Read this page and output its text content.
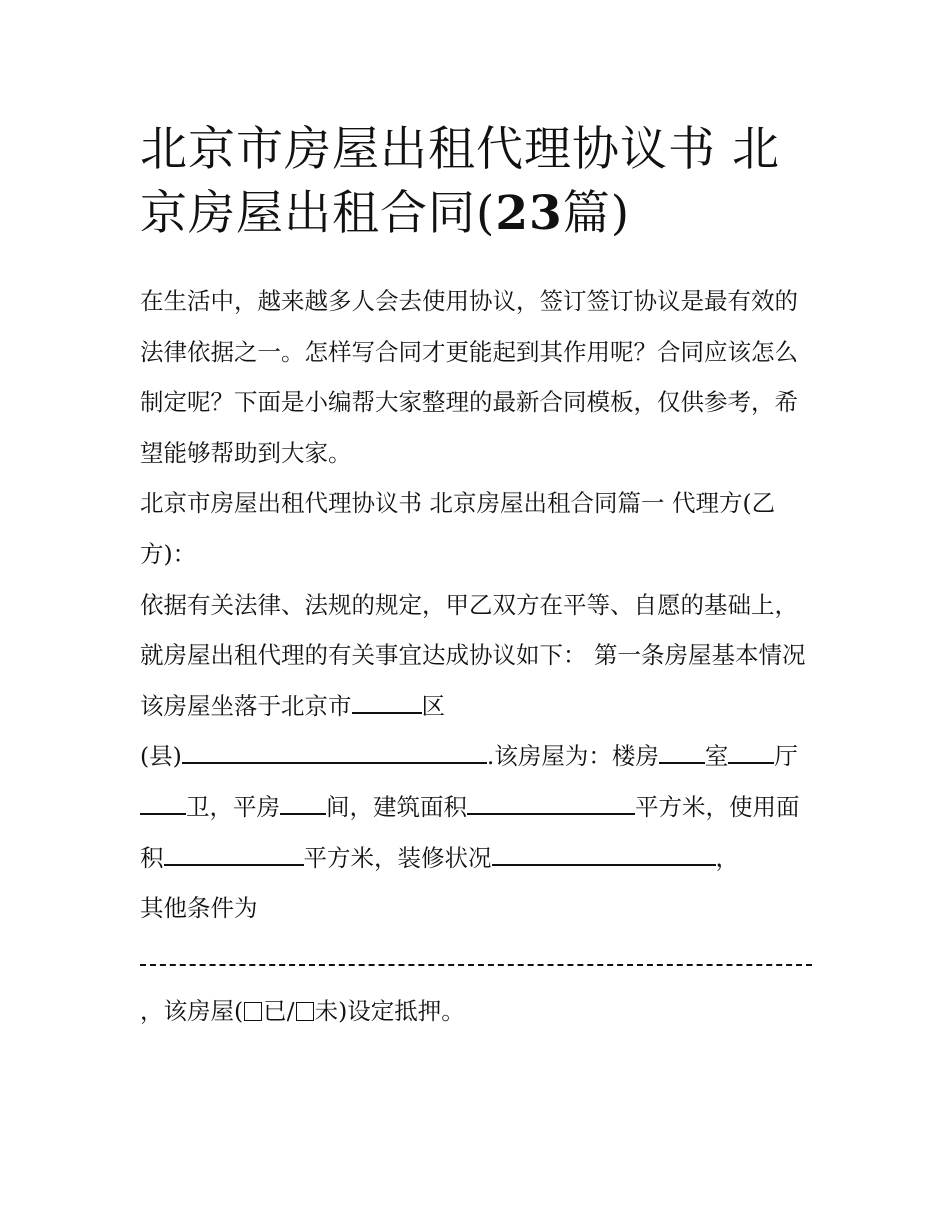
北京市房屋出租代理协议书 北京房屋出租合同(23篇)

在生活中，越来越多人会去使用协议，签订签订协议是最有效的法律依据之一。怎样写合同才更能起到其作用呢？合同应该怎么制定呢？下面是小编帮大家整理的最新合同模板，仅供参考，希望能够帮助到大家。

北京市房屋出租代理协议书 北京房屋出租合同篇一 代理方(乙方)：

依据有关法律、法规的规定，甲乙双方在平等、自愿的基础上，就房屋出租代理的有关事宜达成协议如下： 第一条房屋基本情况

该房屋坐落于北京市	区

(县)	.该房屋为：楼房 室 厅卫，平房 间，建筑面积	平方米，使用面积	平方米，装修状况	，

其他条件为

，该房屋( 已/ 未)设定抵押。
